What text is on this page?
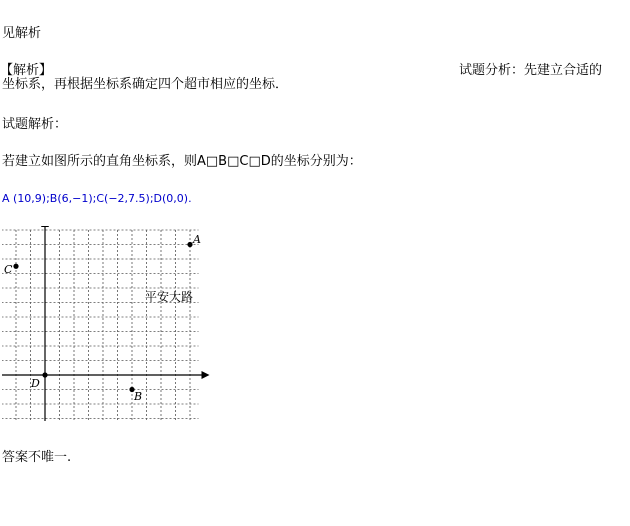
见解析
【解析】	试题分析：先建立合适的
坐标系，再根据坐标系确定四个超市相应的坐标．
试题解析：
若建立如图所示的直角坐标系，则A□B□C□D的坐标分别为：
A (10,9);B(6,−1);C(−2,7.5);D(0,0).
A
B
C
D
平安大路
答案不唯一.
